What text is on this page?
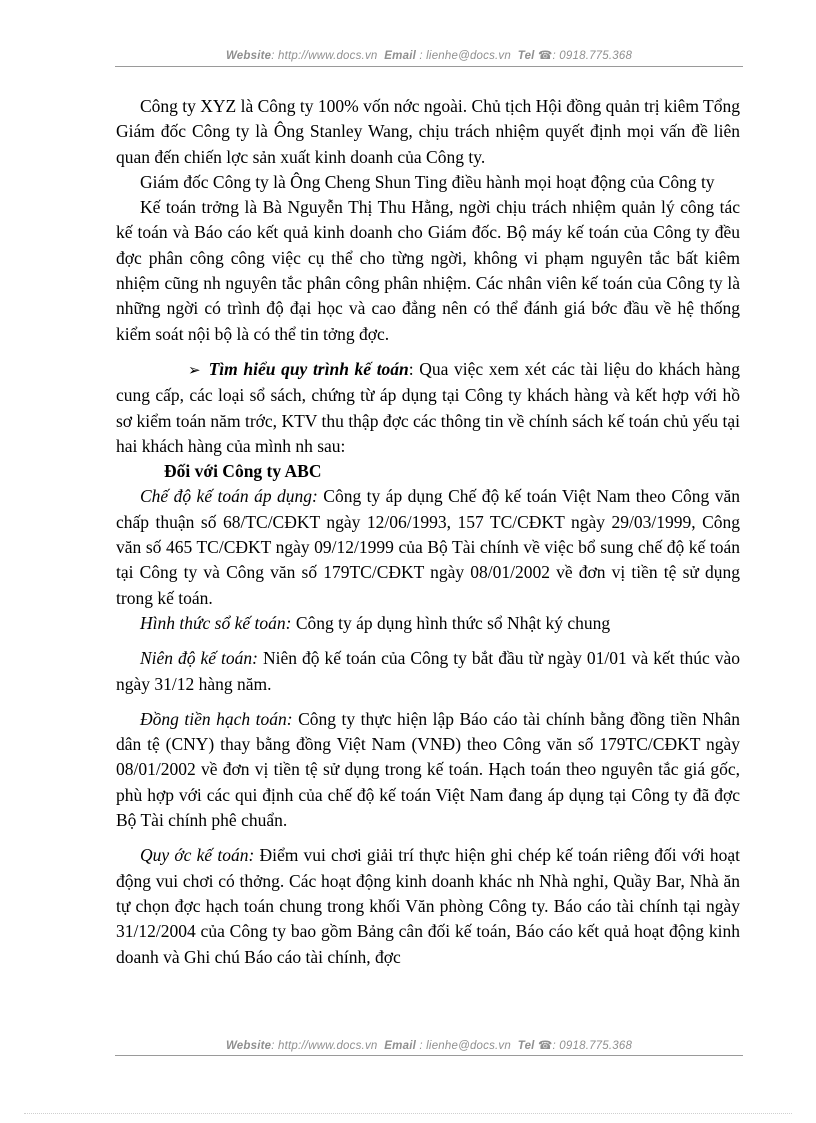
Website: http://www.docs.vn Email : lienhe@docs.vn Tel ☎: 0918.775.368

Công ty XYZ là Công ty 100% vốn nớc ngoài. Chủ tịch Hội đồng quản trị kiêm Tổng Giám đốc Công ty là Ông Stanley Wang, chịu trách nhiệm quyết định mọi vấn đề liên quan đến chiến lợc sản xuất kinh doanh của Công ty.

Giám đốc Công ty là Ông Cheng Shun Ting điều hành mọi hoạt động của Công ty

Kế toán trởng là Bà Nguyễn Thị Thu Hằng, ngời chịu trách nhiệm quản lý công tác kế toán và Báo cáo kết quả kinh doanh cho Giám đốc. Bộ máy kế toán của Công ty đều đợc phân công công việc cụ thể cho từng ngời, không vi phạm nguyên tắc bất kiêm nhiệm cũng nh nguyên tắc phân công phân nhiệm. Các nhân viên kế toán của Công ty là những ngời có trình độ đại học và cao đẳng nên có thể đánh giá bớc đầu về hệ thống kiểm soát nội bộ là có thể tin tởng đợc.

➢ Tìm hiểu quy trình kế toán: Qua việc xem xét các tài liệu do khách hàng cung cấp, các loại sổ sách, chứng từ áp dụng tại Công ty khách hàng và kết hợp với hồ sơ kiểm toán năm trớc, KTV thu thập đợc các thông tin về chính sách kế toán chủ yếu tại hai khách hàng của mình nh sau:

Đối với Công ty ABC

Chế độ kế toán áp dụng: Công ty áp dụng Chế độ kế toán Việt Nam theo Công văn chấp thuận số 68/TC/CĐKT ngày 12/06/1993, 157 TC/CĐKT ngày 29/03/1999, Công văn số 465 TC/CĐKT ngày 09/12/1999 của Bộ Tài chính về việc bổ sung chế độ kế toán tại Công ty và Công văn số 179TC/CĐKT ngày 08/01/2002 về đơn vị tiền tệ sử dụng trong kế toán.

Hình thức sổ kế toán: Công ty áp dụng hình thức sổ Nhật ký chung

Niên độ kế toán: Niên độ kế toán của Công ty bắt đầu từ ngày 01/01 và kết thúc vào ngày 31/12 hàng năm.

Đồng tiền hạch toán: Công ty thực hiện lập Báo cáo tài chính bằng đồng tiền Nhân dân tệ (CNY) thay bằng đồng Việt Nam (VNĐ) theo Công văn số 179TC/CĐKT ngày 08/01/2002 về đơn vị tiền tệ sử dụng trong kế toán. Hạch toán theo nguyên tắc giá gốc, phù hợp với các qui định của chế độ kế toán Việt Nam đang áp dụng tại Công ty đã đợc Bộ Tài chính phê chuẩn.

Quy ớc kế toán: Điểm vui chơi giải trí thực hiện ghi chép kế toán riêng đối với hoạt động vui chơi có thởng. Các hoạt động kinh doanh khác nh Nhà nghỉ, Quầy Bar, Nhà ăn tự chọn đợc hạch toán chung trong khối Văn phòng Công ty. Báo cáo tài chính tại ngày 31/12/2004 của Công ty bao gồm Bảng cân đối kế toán, Báo cáo kết quả hoạt động kinh doanh và Ghi chú Báo cáo tài chính, đợc

Website: http://www.docs.vn Email : lienhe@docs.vn Tel ☎: 0918.775.368
